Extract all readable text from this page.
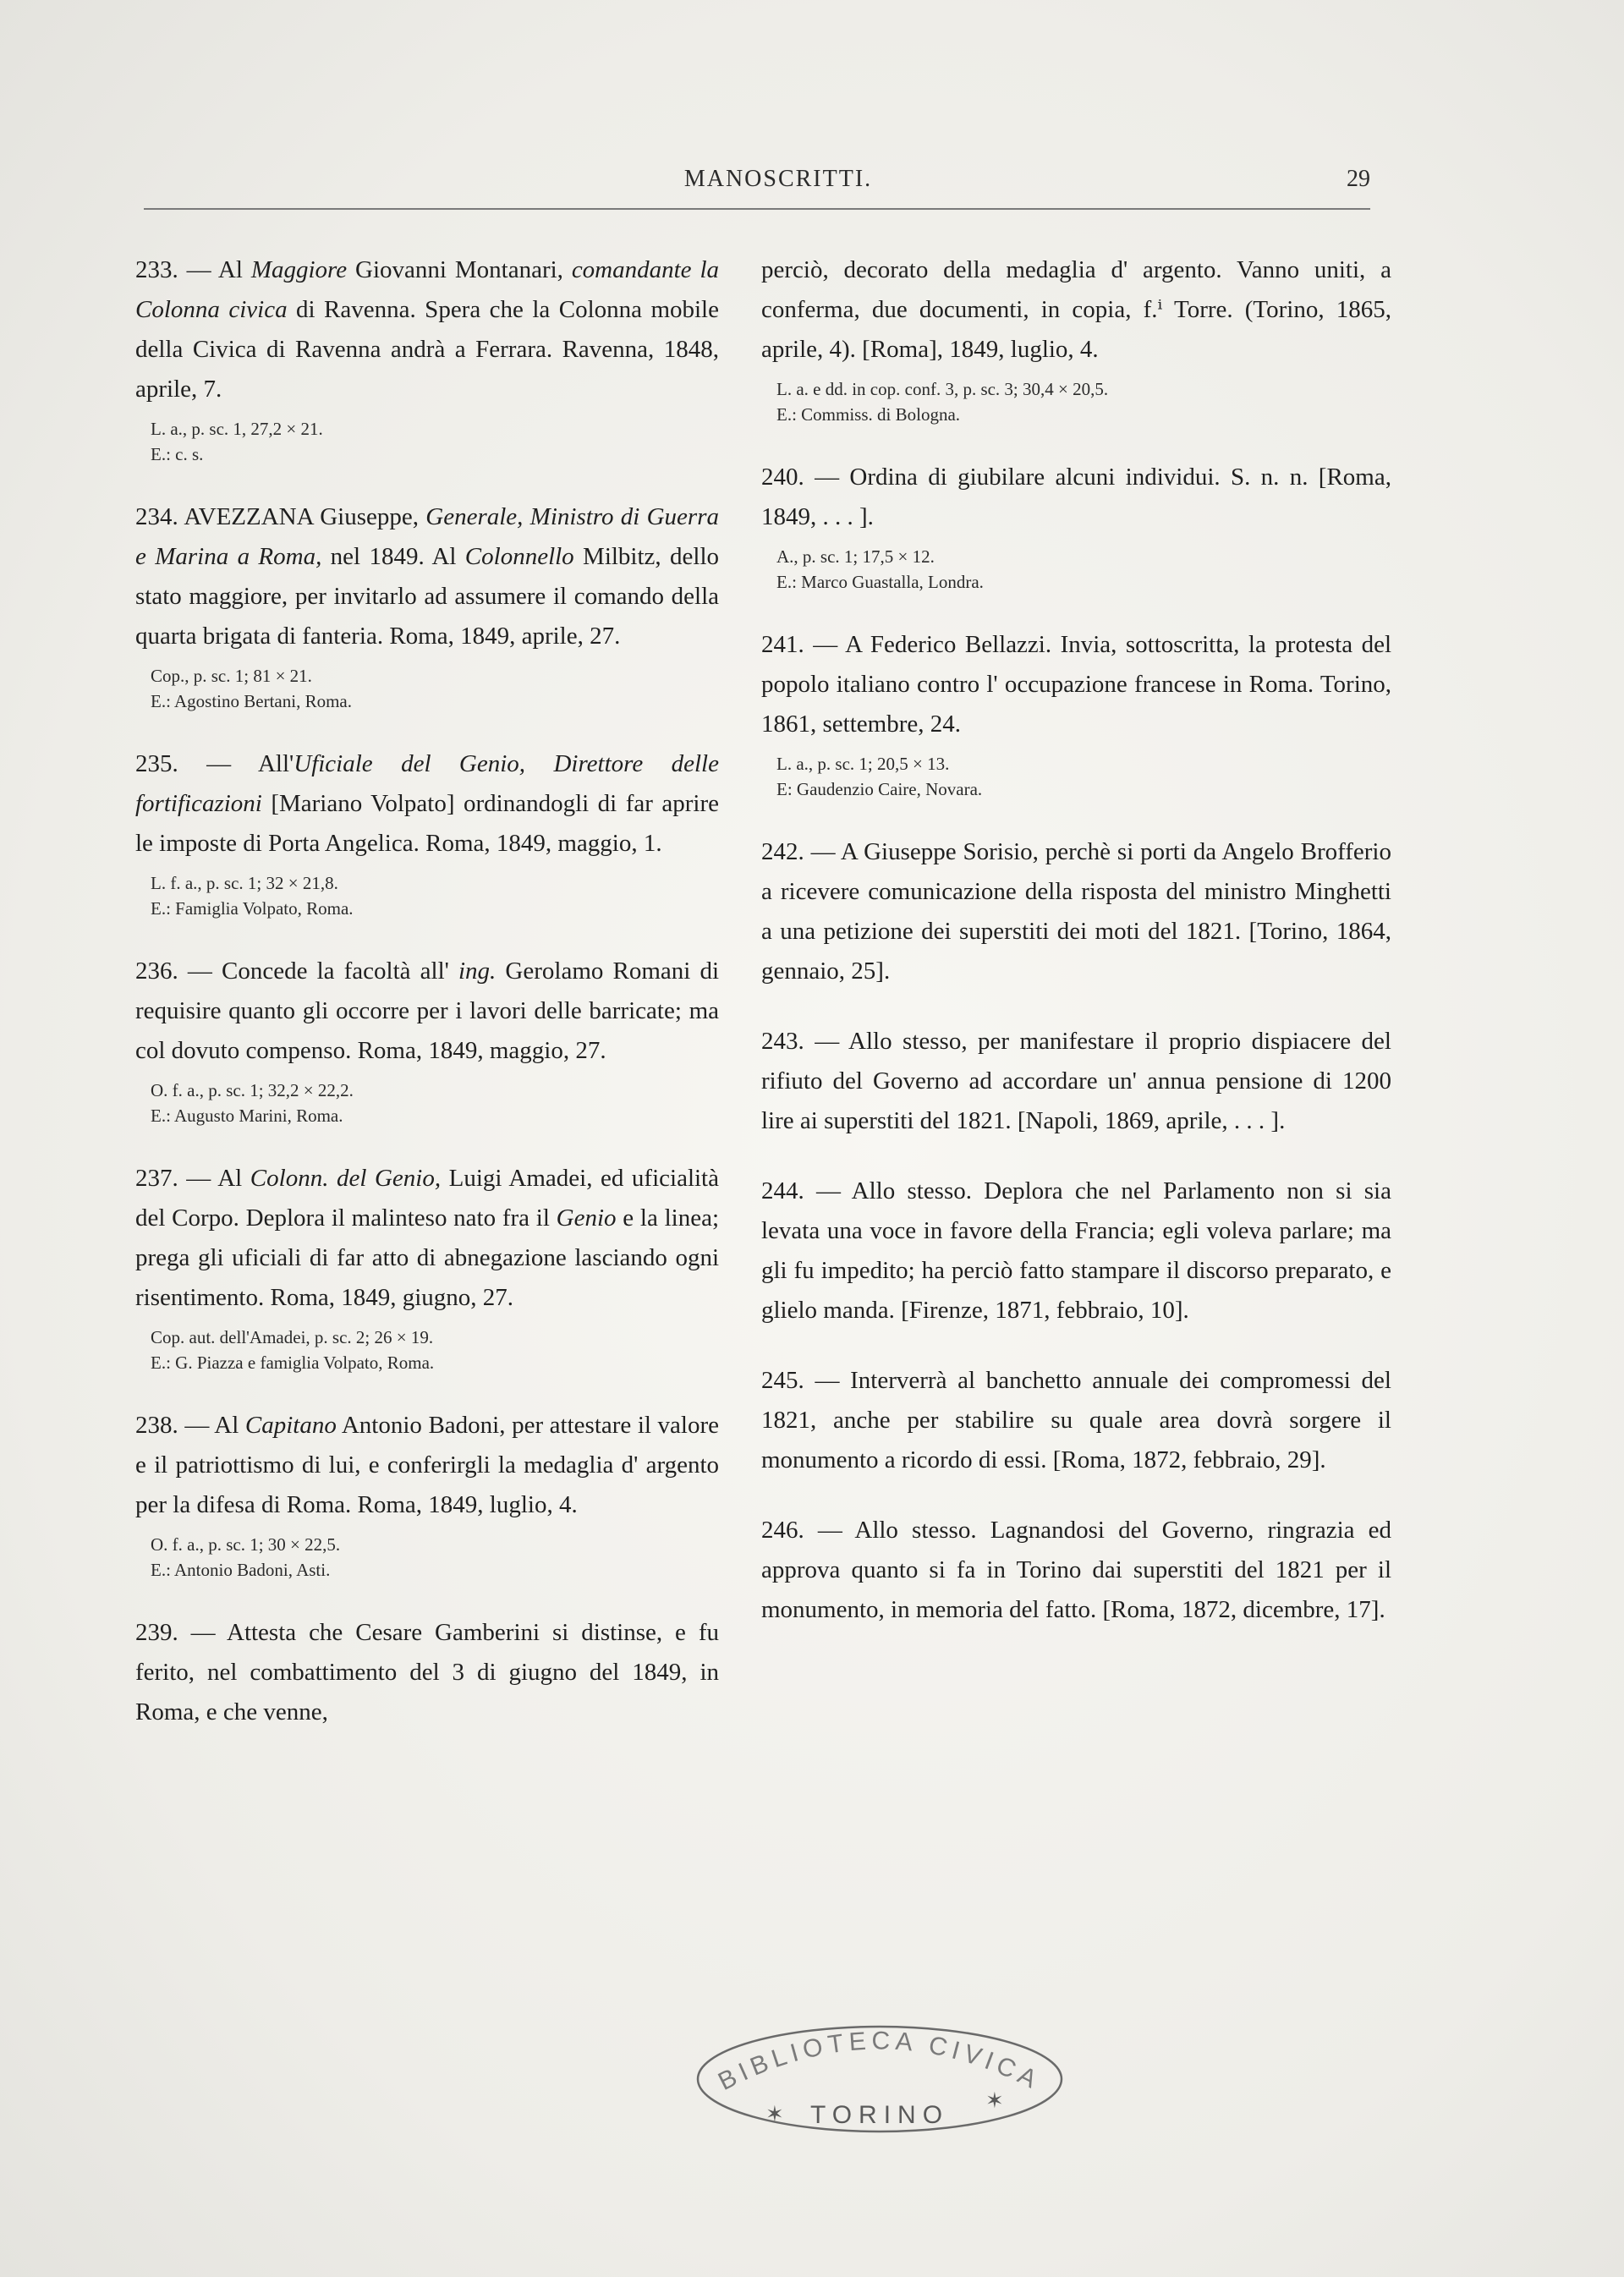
MANOSCRITTI.	29
233. — Al Maggiore Giovanni Montanari, comandante la Colonna civica di Ravenna. Spera che la Colonna mobile della Civica di Ravenna andrà a Ferrara. Ravenna, 1848, aprile, 7.
L. a., p. sc. 1, 27,2 × 21.
E.: c. s.
234. AVEZZANA Giuseppe, Generale, Ministro di Guerra e Marina a Roma, nel 1849. Al Colonnello Milbitz, dello stato maggiore, per invitarlo ad assumere il comando della quarta brigata di fanteria. Roma, 1849, aprile, 27.
Cop., p. sc. 1; 81 × 21.
E.: Agostino Bertani, Roma.
235. — All'Uficiale del Genio, Direttore delle fortificazioni [Mariano Volpato] ordinandogli di far aprire le imposte di Porta Angelica. Roma, 1849, maggio, 1.
L. f. a., p. sc. 1; 32 × 21,8.
E.: Famiglia Volpato, Roma.
236. — Concede la facoltà all' ing. Gerolamo Romani di requisire quanto gli occorre per i lavori delle barricate; ma col dovuto compenso. Roma, 1849, maggio, 27.
O. f. a., p. sc. 1; 32,2 × 22,2.
E.: Augusto Marini, Roma.
237. — Al Colonn. del Genio, Luigi Amadei, ed uficialità del Corpo. Deplora il malinteso nato fra il Genio e la linea; prega gli uficiali di far atto di abnegazione lasciando ogni risentimento. Roma, 1849, giugno, 27.
Cop. aut. dell'Amadei, p. sc. 2; 26 × 19.
E.: G. Piazza e famiglia Volpato, Roma.
238. — Al Capitano Antonio Badoni, per attestare il valore e il patriottismo di lui, e conferirgli la medaglia d' argento per la difesa di Roma. Roma, 1849, luglio, 4.
O. f. a., p. sc. 1; 30 × 22,5.
E.: Antonio Badoni, Asti.
239. — Attesta che Cesare Gamberini si distinse, e fu ferito, nel combattimento del 3 di giugno del 1849, in Roma, e che venne,
perciò, decorato della medaglia d' argento. Vanno uniti, a conferma, due documenti, in copia, f.ⁱ Torre. (Torino, 1865, aprile, 4). [Roma], 1849, luglio, 4.
L. a. e dd. in cop. conf. 3, p. sc. 3; 30,4 × 20,5.
E.: Commiss. di Bologna.
240. — Ordina di giubilare alcuni individui. S. n. n. [Roma, 1849, . . . ].
A., p. sc. 1; 17,5 × 12.
E.: Marco Guastalla, Londra.
241. — A Federico Bellazzi. Invia, sottoscritta, la protesta del popolo italiano contro l' occupazione francese in Roma. Torino, 1861, settembre, 24.
L. a., p. sc. 1; 20,5 × 13.
E: Gaudenzio Caire, Novara.
242. — A Giuseppe Sorisio, perchè si porti da Angelo Brofferio a ricevere comunicazione della risposta del ministro Minghetti a una petizione dei superstiti dei moti del 1821. [Torino, 1864, gennaio, 25].
243. — Allo stesso, per manifestare il proprio dispiacere del rifiuto del Governo ad accordare un' annua pensione di 1200 lire ai superstiti del 1821. [Napoli, 1869, aprile, . . . ].
244. — Allo stesso. Deplora che nel Parlamento non si sia levata una voce in favore della Francia; egli voleva parlare; ma gli fu impedito; ha perciò fatto stampare il discorso preparato, e glielo manda. [Firenze, 1871, febbraio, 10].
245. — Interverrà al banchetto annuale dei compromessi del 1821, anche per stabilire su quale area dovrà sorgere il monumento a ricordo di essi. [Roma, 1872, febbraio, 29].
246. — Allo stesso. Lagnandosi del Governo, ringrazia ed approva quanto si fa in Torino dai superstiti del 1821 per il monumento, in memoria del fatto. [Roma, 1872, dicembre, 17].
BIBLIOTECA CIVICA
✶
✶
TORINO
